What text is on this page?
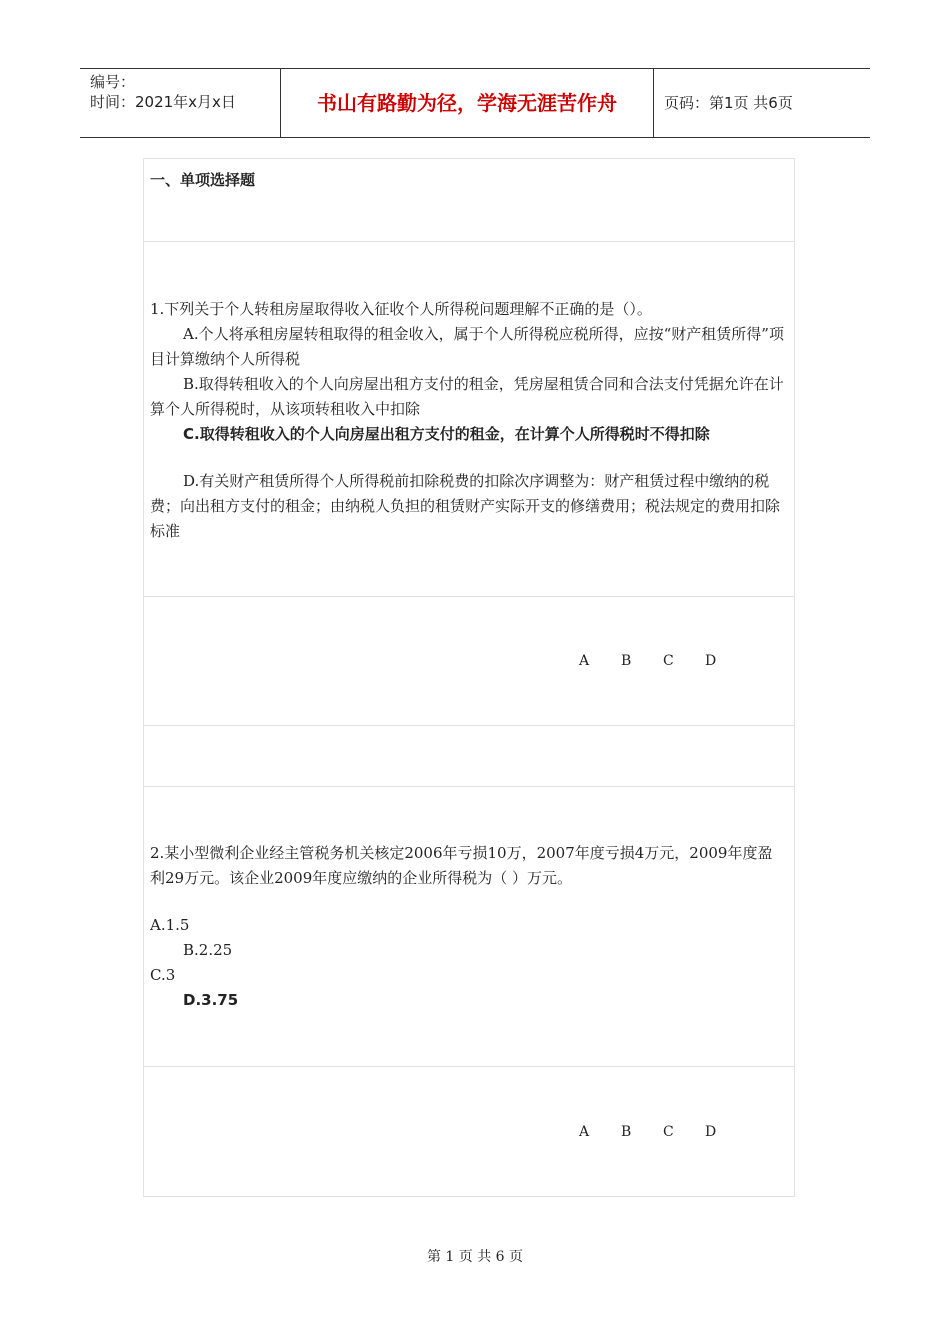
编号：
时间：2021年x月x日	书山有路勤为径，学海无涯苦作舟	页码：第1页 共6页
一、单项选择题
1.下列关于个人转租房屋取得收入征收个人所得税问题理解不正确的是（）。
A.个人将承租房屋转租取得的租金收入，属于个人所得税应税所得，应按“财产租赁所得”项目计算缴纳个人所得税
B.取得转租收入的个人向房屋出租方支付的租金，凭房屋租赁合同和合法支付凭据允许在计算个人所得税时，从该项转租收入中扣除
C.取得转租收入的个人向房屋出租方支付的租金，在计算个人所得税时不得扣除
D.有关财产租赁所得个人所得税前扣除税费的扣除次序调整为：财产租赁过程中缴纳的税费；向出租方支付的租金；由纳税人负担的租赁财产实际开支的修缮费用；税法规定的费用扣除标准
A B C D
2.某小型微利企业经主管税务机关核定2006年亏损10万，2007年度亏损4万元，2009年度盈利29万元。该企业2009年度应缴纳的企业所得税为（ ）万元。
A.1.5
B.2.25
C.3
D.3.75
A B C D
第 1 页 共 6 页
